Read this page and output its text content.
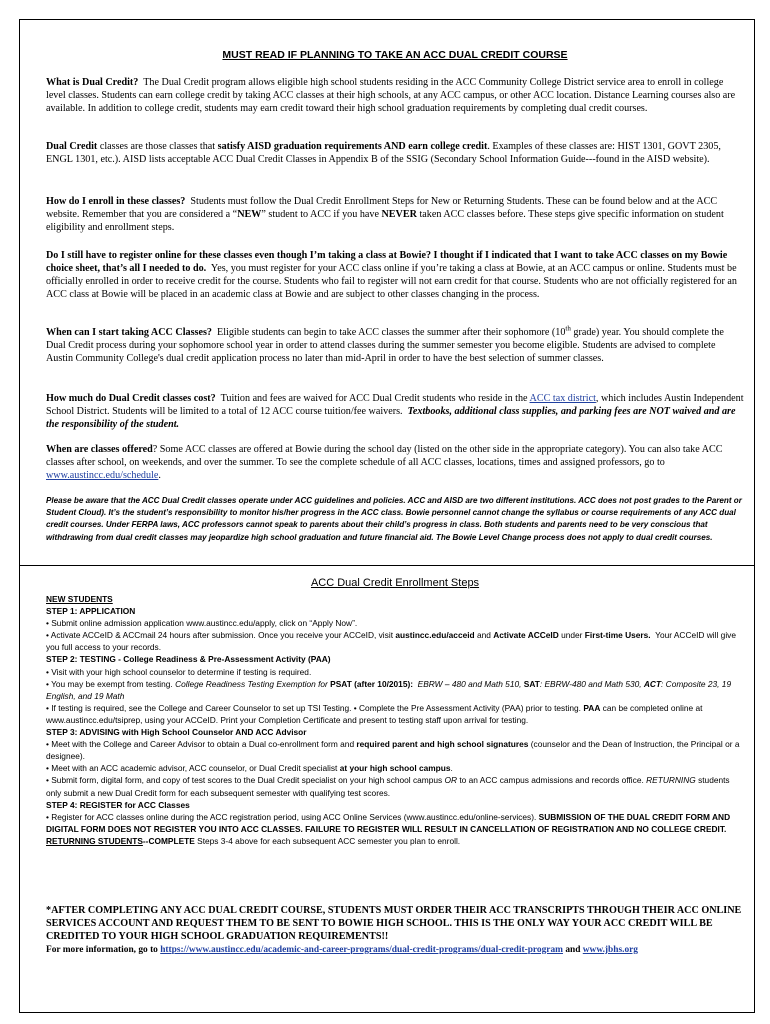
MUST READ IF PLANNING TO TAKE AN ACC DUAL CREDIT COURSE

What is Dual Credit? The Dual Credit program allows eligible high school students residing in the ACC Community College District service area to enroll in college level classes. Students can earn college credit by taking ACC classes at their high schools, at any ACC campus, or other ACC location. Distance Learning courses also are available. In addition to college credit, students may earn credit toward their high school graduation requirements by completing dual credit courses.

Dual Credit classes are those classes that satisfy AISD graduation requirements AND earn college credit. Examples of these classes are: HIST 1301, GOVT 2305, ENGL 1301, etc.). AISD lists acceptable ACC Dual Credit Classes in Appendix B of the SSIG (Secondary School Information Guide---found in the AISD website).

How do I enroll in these classes? Students must follow the Dual Credit Enrollment Steps for New or Returning Students. These can be found below and at the ACC website. Remember that you are considered a “NEW” student to ACC if you have NEVER taken ACC classes before. These steps give specific information on student eligibility and enrollment steps.

Do I still have to register online for these classes even though I’m taking a class at Bowie? I thought if I indicated that I want to take ACC classes on my Bowie choice sheet, that’s all I needed to do. Yes, you must register for your ACC class online if you’re taking a class at Bowie, at an ACC campus or online. Students must be officially enrolled in order to receive credit for the course. Students who fail to register will not earn credit for that course. Students who are not officially registered for an ACC class at Bowie will be placed in an academic class at Bowie and are subject to other classes changing in the process.

When can I start taking ACC Classes? Eligible students can begin to take ACC classes the summer after their sophomore (10th grade) year. You should complete the Dual Credit process during your sophomore school year in order to attend classes during the summer semester you become eligible. Students are advised to complete Austin Community College's dual credit application process no later than mid-April in order to have the best selection of summer classes.

How much do Dual Credit classes cost? Tuition and fees are waived for ACC Dual Credit students who reside in the ACC tax district, which includes Austin Independent School District. Students will be limited to a total of 12 ACC course tuition/fee waivers. Textbooks, additional class supplies, and parking fees are NOT waived and are the responsibility of the student.

When are classes offered? Some ACC classes are offered at Bowie during the school day (listed on the other side in the appropriate category). You can also take ACC classes after school, on weekends, and over the summer. To see the complete schedule of all ACC classes, locations, times and assigned professors, go to www.austincc.edu/schedule.

Please be aware that the ACC Dual Credit classes operate under ACC guidelines and policies. ACC and AISD are two different institutions. ACC does not post grades to the Parent or Student Cloud). It’s the student’s responsibility to monitor his/her progress in the ACC class. Bowie personnel cannot change the syllabus or course requirements of any ACC dual credit courses. Under FERPA laws, ACC professors cannot speak to parents about their child’s progress in class. Both students and parents need to be very conscious that withdrawing from dual credit classes may jeopardize high school graduation and future financial aid. The Bowie Level Change process does not apply to dual credit courses.

ACC Dual Credit Enrollment Steps
NEW STUDENTS
STEP 1: APPLICATION
• Submit online admission application www.austincc.edu/apply, click on “Apply Now”.
• Activate ACCeID & ACCmail 24 hours after submission. Once you receive your ACCeID, visit austincc.edu/acceid and Activate ACCeID under First-time Users. Your ACCeID will give you full access to your records.
STEP 2: TESTING - College Readiness & Pre-Assessment Activity (PAA)
• Visit with your high school counselor to determine if testing is required.
• You may be exempt from testing. College Readiness Testing Exemption for PSAT (after 10/2015): EBRW – 480 and Math 510, SAT: EBRW-480 and Math 530, ACT: Composite 23, 19 English, and 19 Math
• If testing is required, see the College and Career Counselor to set up TSI Testing. • Complete the Pre Assessment Activity (PAA) prior to testing. PAA can be completed online at www.austincc.edu/tsiprep, using your ACCeID. Print your Completion Certificate and present to testing staff upon arrival for testing.
STEP 3: ADVISING with High School Counselor AND ACC Advisor
• Meet with the College and Career Advisor to obtain a Dual co-enrollment form and required parent and high school signatures (counselor and the Dean of Instruction, the Principal or a designee).
• Meet with an ACC academic advisor, ACC counselor, or Dual Credit specialist at your high school campus.
• Submit form, digital form, and copy of test scores to the Dual Credit specialist on your high school campus OR to an ACC campus admissions and records office. RETURNING students only submit a new Dual Credit form for each subsequent semester with qualifying test scores.
STEP 4: REGISTER for ACC Classes
• Register for ACC classes online during the ACC registration period, using ACC Online Services (www.austincc.edu/online-services). SUBMISSION OF THE DUAL CREDIT FORM AND DIGITAL FORM DOES NOT REGISTER YOU INTO ACC CLASSES. FAILURE TO REGISTER WILL RESULT IN CANCELLATION OF REGISTRATION AND NO COLLEGE CREDIT.
RETURNING STUDENTS--COMPLETE Steps 3-4 above for each subsequent ACC semester you plan to enroll.
*AFTER COMPLETING ANY ACC DUAL CREDIT COURSE, STUDENTS MUST ORDER THEIR ACC TRANSCRIPTS THROUGH THEIR ACC ONLINE SERVICES ACCOUNT AND REQUEST THEM TO BE SENT TO BOWIE HIGH SCHOOL. THIS IS THE ONLY WAY YOUR ACC CREDIT WILL BE CREDITED TO YOUR HIGH SCHOOL GRADUATION REQUIREMENTS!!
For more information, go to https://www.austincc.edu/academic-and-career-programs/dual-credit-programs/dual-credit-program and www.jbhs.org
